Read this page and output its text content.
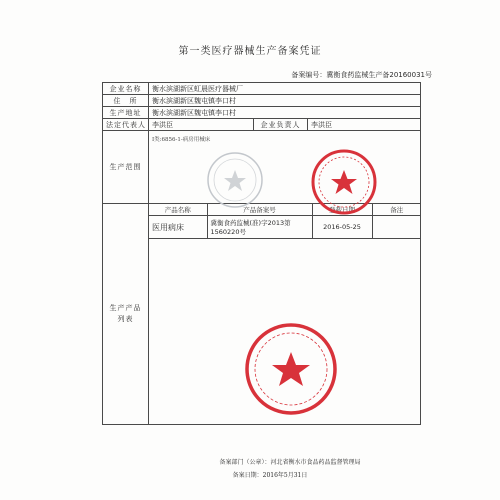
第一类医疗器械生产备案凭证
备案编号：冀衡食药监械生产备20160031号
企业名称	衡水滨湖新区虹晨医疗器械厂
住　所	衡水滨湖新区魏屯镇李口村
生产地址	衡水滨湖新区魏屯镇李口村
法定代表人	李洪臣	企业负责人	李洪臣
生产范围	
Ⅰ类:6856-1-病房用械床

生产产品列表	
产品名称	产品备案号	登载日期	备注
医用病床	冀衡食药监械(准)字2013第1560220号	2016-05-25	
备案部门（公章）：河北省衡水市食品药品监督管理局
备案日期：2016年5月31日
